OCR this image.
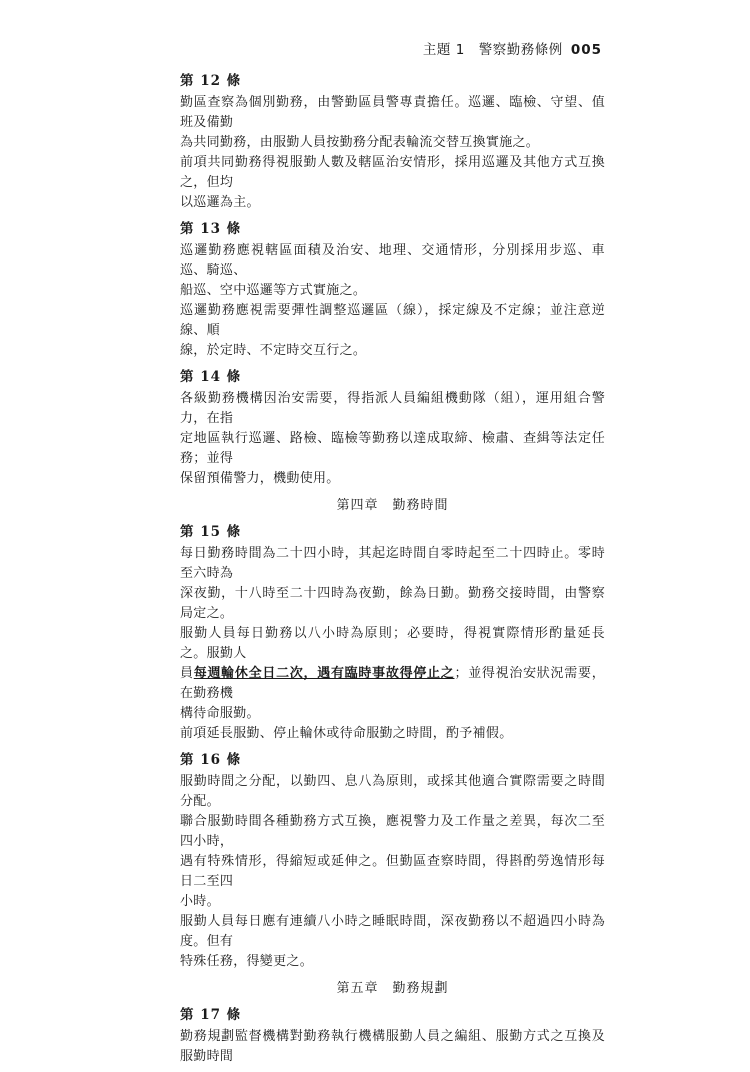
主題 1　警察勤務條例 005
第 12 條

勤區查察為個別勤務，由警勤區員警專責擔任。巡邏、臨檢、守望、值班及備勤
為共同勤務，由服勤人員按勤務分配表輪流交替互換實施之。

前項共同勤務得視服勤人數及轄區治安情形，採用巡邏及其他方式互換之，但均
以巡邏為主。

第 13 條

巡邏勤務應視轄區面積及治安、地理、交通情形，分別採用步巡、車巡、騎巡、
船巡、空中巡邏等方式實施之。

巡邏勤務應視需要彈性調整巡邏區（線），採定線及不定線；並注意逆線、順
線，於定時、不定時交互行之。

第 14 條

各級勤務機構因治安需要，得指派人員編組機動隊（組），運用組合警力，在指
定地區執行巡邏、路檢、臨檢等勤務以達成取締、檢肅、查緝等法定任務；並得
保留預備警力，機動使用。

第四章　勤務時間
第 15 條

每日勤務時間為二十四小時，其起迄時間自零時起至二十四時止。零時至六時為
深夜勤，十八時至二十四時為夜勤，餘為日勤。勤務交接時間，由警察局定之。

服勤人員每日勤務以八小時為原則；必要時，得視實際情形酌量延長之。服勤人
員每週輪休全日二次，遇有臨時事故得停止之；並得視治安狀況需要，在勤務機
構待命服勤。

前項延長服勤、停止輪休或待命服勤之時間，酌予補假。

第 16 條

服勤時間之分配，以勤四、息八為原則，或採其他適合實際需要之時間分配。

聯合服勤時間各種勤務方式互換，應視警力及工作量之差異，每次二至四小時，
遇有特殊情形，得縮短或延伸之。但勤區查察時間，得斟酌勞逸情形每日二至四
小時。

服勤人員每日應有連續八小時之睡眠時間，深夜勤務以不超過四小時為度。但有
特殊任務，得變更之。

第五章　勤務規劃
第 17 條

勤務規劃監督機構對勤務執行機構服勤人員之編組、服勤方式之互換及服勤時間
